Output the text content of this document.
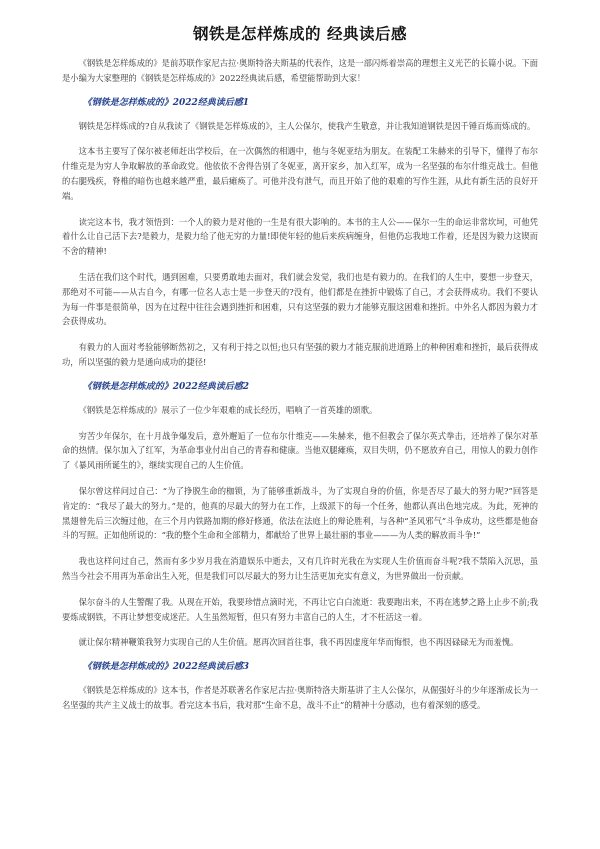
钢铁是怎样炼成的 经典读后感

《钢铁是怎样炼成的》是前苏联作家尼古拉·奥斯特洛夫斯基的代表作，这是一部闪烁着崇高的理想主义光芒的长篇小说。下面是小编为大家整理的《钢铁是怎样炼成的》2022经典读后感，希望能帮助到大家！

《钢铁是怎样炼成的》2022经典读后感1

钢铁是怎样炼成的?自从我读了《钢铁是怎样炼成的》，主人公保尔，使我产生敬意，并让我知道钢铁是因千锤百炼而炼成的。

这本书主要写了保尔被老师赶出学校后，在一次偶然的相遇中，他与冬妮亚结为朋友。在装配工朱赫来的引导下，懂得了布尔什维克是为穷人争取解放的革命政党。他依依不舍得告别了冬妮亚，离开家乡，加入红军，成为一名坚强的布尔什维克战士。但他的右腿残疾，脊椎的暗伤也越来越严重，最后瘫痪了。可他并没有泄气，而且开始了他的艰难的写作生涯，从此有新生活的良好开端。

读完这本书，我才领悟到：一个人的毅力是对他的一生是有很大影响的。本书的主人公——保尔一生的命运非常坎坷，可他凭着什么让自己活下去?是毅力，是毅力给了他无穷的力量!即使年轻的他后来疾病缠身，但他仍忘我地工作着，还是因为毅力这锲而不舍的精神!

生活在我们这个时代，遇到困难，只要勇敢地去面对，我们就会发觉，我们也是有毅力的。在我们的人生中，要想一步登天，那绝对不可能——从古自今，有哪一位名人志士是一步登天的?没有，他们都是在挫折中锻炼了自己，才会获得成功。我们不要认为每一件事是很简单，因为在过程中往往会遇到挫折和困难，只有这坚强的毅力才能够克服这困难和挫折。中外名人都因为毅力才会获得成功。

有毅力的人面对考验能够断然初之，又有利于持之以恒;也只有坚强的毅力才能克服前进道路上的种种困难和挫折，最后获得成功，所以坚强的毅力是通向成功的捷径!

《钢铁是怎样炼成的》2022经典读后感2

《钢铁是怎样炼成的》展示了一位少年艰难的成长经历，唱响了一首英雄的颂歌。

穷苦少年保尔，在十月战争爆发后，意外邂逅了一位布尔什维克——朱赫来，他不但教会了保尔英式拳击，还培养了保尔对革命的热情。保尔加入了红军，为革命事业付出自己的青春和健康。当他双腿瘫痪，双目失明，仍不愿放弃自己，用惊人的毅力创作了《暴风雨所诞生的》，继续实现自己的人生价值。

保尔曾这样问过自己：“为了挣脱生命的枷锁，为了能够重新战斗，为了实现自身的价值，你是否尽了最大的努力呢?”回答是肯定的：“我尽了最大的努力。”是的，他真的尽最大的努力在工作，上级派下的每一个任务，他都认真出色地完成。为此，死神的黑翅曾先后三次缠过他，在三个月内铁路加期的修好修通，依法在法庭上的辩论胜利，与各种“圣风邪气”斗争成功，这些都是他奋斗的写照。正如他所说的：“我的整个生命和全部精力，都献给了世界上最壮丽的事业———为人类的解放而斗争!”

我也这样问过自己，然而有多少岁月我在消遣娱乐中逝去，又有几许时光我在为实现人生价值而奋斗呢?我不禁陷入沉思，虽然当今社会不用再为革命出生入死，但是我们可以尽最大的努力让生活更加充实有意义，为世界做出一份贡献。

保尔奋斗的人生警醒了我。从现在开始，我要珍惜点滴时光，不再让它白白流逝：我要跑出来，不再在逃梦之路上止步不前;我要炼成钢铁，不再让梦想变成迷茫。人生虽然短暂，但只有努力丰富自己的人生，才不枉活这一着。

就让保尔精神鞭策我努力实现自己的人生价值。愿再次回首往事，我不再因虚度年华而悔恨，也不再因碌碌无为而羞愧。

《钢铁是怎样炼成的》2022经典读后感3

《钢铁是怎样炼成的》这本书，作者是苏联著名作家尼古拉·奥斯特洛夫斯基讲了主人公保尔，从倔强好斗的少年逐渐成长为一名坚强的共产主义战士的故事。看完这本书后，我对那“生命不息，战斗不止”的精神十分感动，也有着深刻的感受。
